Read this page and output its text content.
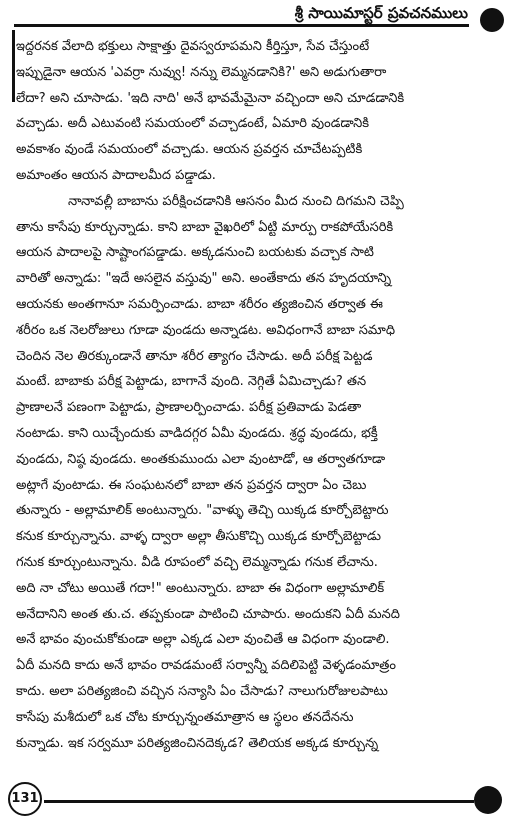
శ్రీ సాయిమాస్టర్ ప్రవచనములు
ఇద్దరనక వేలాది భక్తులు సాక్షాత్తు దైవస్వరూపమని కీర్తిస్తూ, సేవ చేస్తుంటే
ఇప్పుడైనా ఆయన 'ఎవర్రా నువ్వు! నన్ను లెమ్మనడానికి?' అని అడుగుతారా
లేదా? అని చూసాడు. 'ఇది నాది' అనే భావమేమైనా వచ్చిందా అని చూడడానికి
వచ్చాడు. అదీ ఎటువంటి సమయంలో వచ్చాడంటే, ఏమారి వుండడానికి
అవకాశం వుండే సమయంలో వచ్చాడు. ఆయన ప్రవర్తన చూచేటప్పటికి
అమాంతం ఆయన పాదాలమీద పడ్డాడు.
నానావల్లీ బాబాను పరీక్షించడానికి ఆసనం మీద నుంచి దిగమని చెప్పి
తాను కాసేపు కూర్చున్నాడు. కాని బాబా వైఖరిలో ఏట్టి మార్పు రాకపోయేసరికి
ఆయన పాదాలపై సాష్టాంగపడ్డాడు. అక్కడనుంచి బయటకు వచ్చాక సాటి
వారితో అన్నాడు: "ఇదే అసలైన వస్తువు" అని. అంతేకాదు తన హృదయాన్ని
ఆయనకు అంతగానూ సమర్పించాడు. బాబా శరీరం త్యజించిన తర్వాత ఈ
శరీరం ఒక నెలరోజులు గూడా వుండదు అన్నాడట. అవిధంగానే బాబా సమాధి
చెందిన నెల తిరక్కుండానే తానూ శరీర త్యాగం చేసాడు. అదీ పరీక్ష పెట్టడ
మంటే. బాబాకు పరీక్ష పెట్టాడు, బాగానే వుంది. నెగ్గితే ఏమిచ్చాడు? తన
ప్రాణాలనే పణంగా పెట్టాడు, ప్రాణాలర్పించాడు. పరీక్ష ప్రతివాడు పెడతా
నంటాడు. కాని యిచ్చేందుకు వాడిదగ్గర ఏమీ వుండదు. శ్రద్ధ వుండదు, భక్తీ
వుండదు, నిష్ఠ వుండదు. అంతకుముందు ఎలా వుంటాడో, ఆ తర్వాతగూడా
అట్లాగే వుంటాడు. ఈ సంఘటనలో బాబా తన ప్రవర్తన ద్వారా ఏం చెబు
తున్నారు - అల్లామాలిక్ అంటున్నారు. "వాళ్ళు తెచ్చి యిక్కడ కూర్చోబెట్టారు
కనుక కూర్చున్నాను. వాళ్ళ ద్వారా అల్లా తీసుకొచ్చి యిక్కడ కూర్చోబెట్టాడు
గనుక కూర్చుంటున్నాను. వీడి రూపంలో వచ్చి లెమ్మన్నాడు గనుక లేచాను.
అది నా చోటు అయితే గదా!" అంటున్నారు. బాబా ఈ విధంగా అల్లామాలిక్
అనేదానిని అంత తు.చ. తప్పకుండా పాటించి చూపారు. అందుకని ఏదీ మనది
అనే భావం వుంచుకోకుండా అల్లా ఎక్కడ ఎలా వుంచితే ఆ విధంగా వుండాలి.
ఏదీ మనది కాదు అనే భావం రావడమంటే సర్వాన్నీ వదిలిపెట్టి వెళ్ళడంమాత్రం
కాదు. అలా పరిత్యజించి వచ్చిన సన్యాసి ఏం చేసాడు? నాలుగురోజులపాటు
కాసేపు మశీదులో ఒక చోట కూర్చున్నంతమాత్రాన ఆ స్థలం తనదేనను
కున్నాడు. ఇక సర్వమూ పరిత్యజించినదెక్కడ? తెలియక అక్కడ కూర్చున్న
131
